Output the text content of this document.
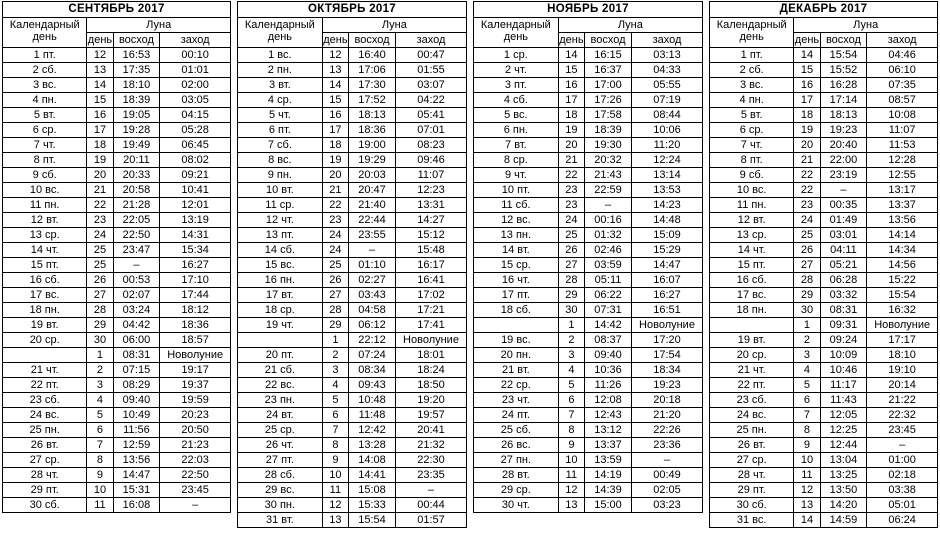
СЕНТЯБРЬ 2017			

Календарный
день	Луна		
	день	восход	заход
1 пт.	12	16:53	00:10
2 сб.	13	17:35	01:01
3 вс.	14	18:10	02:00
4 пн.	15	18:39	03:05
5 вт.	16	19:05	04:15
6 ср.	17	19:28	05:28
7 чт.	18	19:49	06:45
8 пт.	19	20:11	08:02
9 сб.	20	20:33	09:21
10 вс.	21	20:58	10:41
11 пн.	22	21:28	12:01
12 вт.	23	22:05	13:19
13 ср.	24	22:50	14:31
14 чт.	25	23:47	15:34
15 пт.	25	–	16:27
16 сб.	26	00:53	17:10
17 вс.	27	02:07	17:44
18 пн.	28	03:24	18:12
19 вт.	29	04:42	18:36
20 ср.	30	06:00	18:57
	1	08:31	Новолуние
21 чт.	2	07:15	19:17
22 пт.	3	08:29	19:37
23 сб.	4	09:40	19:59
24 вс.	5	10:49	20:23
25 пн.	6	11:56	20:50
26 вт.	7	12:59	21:23
27 ср.	8	13:56	22:03
28 чт.	9	14:47	22:50
29 пт.	10	15:31	23:45
30 сб.	11	16:08	–
ОКТЯБРЬ 2017			

Календарный
день	Луна		
	день	восход	заход
1 вс.	12	16:40	00:47
2 пн.	13	17:06	01:55
3 вт.	14	17:30	03:07
4 ср.	15	17:52	04:22
5 чт.	16	18:13	05:41
6 пт.	17	18:36	07:01
7 сб.	18	19:00	08:23
8 вс.	19	19:29	09:46
9 пн.	20	20:03	11:07
10 вт.	21	20:47	12:23
11 ср.	22	21:40	13:31
12 чт.	23	22:44	14:27
13 пт.	24	23:55	15:12
14 сб.	24	–	15:48
15 вс.	25	01:10	16:17
16 пн.	26	02:27	16:41
17 вт.	27	03:43	17:02
18 ср.	28	04:58	17:21
19 чт.	29	06:12	17:41
	1	22:12	Новолуние
20 пт.	2	07:24	18:01
21 сб.	3	08:34	18:24
22 вс.	4	09:43	18:50
23 пн.	5	10:48	19:20
24 вт.	6	11:48	19:57
25 ср.	7	12:42	20:41
26 чт.	8	13:28	21:32
27 пт.	9	14:08	22:30
28 сб.	10	14:41	23:35
29 вс.	11	15:08	–
30 пн.	12	15:33	00:44
31 вт.	13	15:54	01:57
НОЯБРЬ 2017			

Календарный
день	Луна		
	день	восход	заход
1 ср.	14	16:15	03:13
2 чт.	15	16:37	04:33
3 пт.	16	17:00	05:55
4 сб.	17	17:26	07:19
5 вс.	18	17:58	08:44
6 пн.	19	18:39	10:06
7 вт.	20	19:30	11:20
8 ср.	21	20:32	12:24
9 чт.	22	21:43	13:14
10 пт.	23	22:59	13:53
11 сб.	23	–	14:23
12 вс.	24	00:16	14:48
13 пн.	25	01:32	15:09
14 вт.	26	02:46	15:29
15 ср.	27	03:59	14:47
16 чт.	28	05:11	16:07
17 пт.	29	06:22	16:27
18 сб.	30	07:31	16:51
	1	14:42	Новолуние
19 вс.	2	08:37	17:20
20 пн.	3	09:40	17:54
21 вт.	4	10:36	18:34
22 ср.	5	11:26	19:23
23 чт.	6	12:08	20:18
24 пт.	7	12:43	21:20
25 сб.	8	13:12	22:26
26 вс.	9	13:37	23:36
27 пн.	10	13:59	–
28 вт.	11	14:19	00:49
29 ср.	12	14:39	02:05
30 чт.	13	15:00	03:23
ДЕКАБРЬ 2017			

Календарный
день	Луна		
	день	восход	заход
1 пт.	14	15:54	04:46
2 сб.	15	15:52	06:10
3 вс.	16	16:28	07:35
4 пн.	17	17:14	08:57
5 вт.	18	18:13	10:08
6 ср.	19	19:23	11:07
7 чт.	20	20:40	11:53
8 пт.	21	22:00	12:28
9 сб.	22	23:19	12:55
10 вс.	22	–	13:17
11 пн.	23	00:35	13:37
12 вт.	24	01:49	13:56
13 ср.	25	03:01	14:14
14 чт.	26	04:11	14:34
15 пт.	27	05:21	14:56
16 сб.	28	06:28	15:22
17 вс.	29	03:32	15:54
18 пн.	30	08:31	16:32
	1	09:31	Новолуние
19 вт.	2	09:24	17:17
20 ср.	3	10:09	18:10
21 чт.	4	10:46	19:10
22 пт.	5	11:17	20:14
23 сб.	6	11:43	21:22
24 вс.	7	12:05	22:32
25 пн.	8	12:25	23:45
26 вт.	9	12:44	–
27 ср.	10	13:04	01:00
28 чт.	11	13:25	02:18
29 пт.	12	13:50	03:38
30 сб.	13	14:20	05:01
31 вс.	14	14:59	06:24
